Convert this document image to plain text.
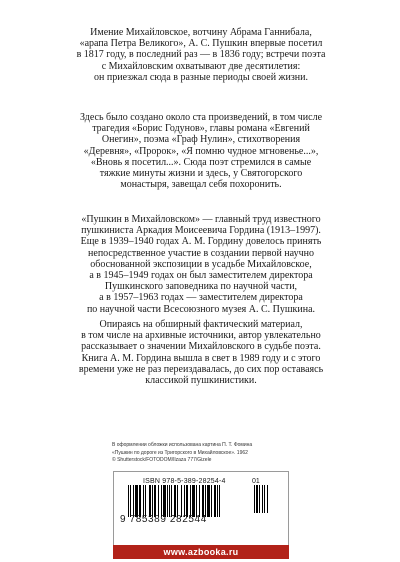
Имение Михайловское, вотчину Абрама Ганнибала,
«арапа Петра Великого», А. С. Пушкин впервые посетил
в 1817 году, в последний раз — в 1836 году; встречи поэта
с Михайловским охватывают две десятилетия:
он приезжал сюда в разные периоды своей жизни.
Здесь было создано около ста произведений, в том числе
трагедия «Борис Годунов», главы романа «Евгений
Онегин», поэма «Граф Нулин», стихотворения
«Деревня», «Пророк», «Я помню чудное мгновенье...»,
«Вновь я посетил...». Сюда поэт стремился в самые
тяжкие минуты жизни и здесь, у Святогорского
монастыря, завещал себя похоронить.
«Пушкин в Михайловском» — главный труд известного
пушкиниста Аркадия Моисеевича Гордина (1913–1997).
Еще в 1939–1940 годах А. М. Гордину довелось принять
непосредственное участие в создании первой научно
обоснованной экспозиции в усадьбе Михайловское,
а в 1945–1949 годах он был заместителем директора
Пушкинского заповедника по научной части,
а в 1957–1963 годах — заместителем директора
по научной части Всесоюзного музея А. С. Пушкина.
Опираясь на обширный фактический материал,
в том числе на архивные источники, автор увлекательно
рассказывает о значении Михайловского в судьбе поэта.
Книга А. М. Гордина вышла в свет в 1989 году и с этого
времени уже не раз переиздавалась, до сих пор оставаясь
классикой пушкинистики.
В оформлении обложки использована картина П. Т. Фомина
«Пушкин по дороге из Тригорского в Михайловское». 1962
© Shutterstock/FOTODOM/Ilzaza 777/Gizele
ISBN 978-5-389-28254-4	01
9 785389 282544
www.azbooka.ru
